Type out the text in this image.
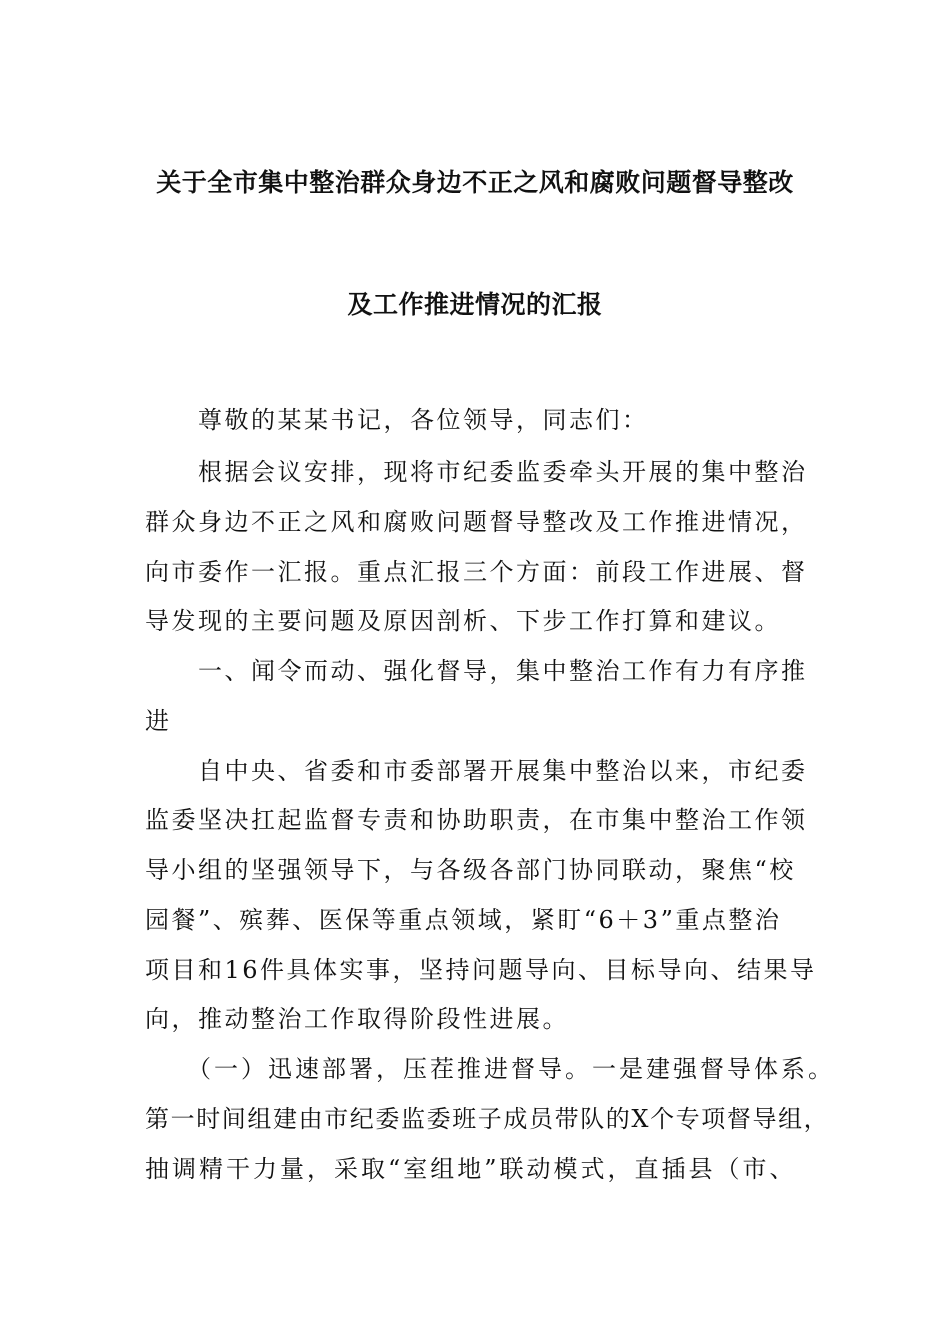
关于全市集中整治群众身边不正之风和腐败问题督导整改
及工作推进情况的汇报
　　尊敬的某某书记，各位领导，同志们：
　　根据会议安排，现将市纪委监委牵头开展的集中整治
群众身边不正之风和腐败问题督导整改及工作推进情况，
向市委作一汇报。重点汇报三个方面：前段工作进展、督
导发现的主要问题及原因剖析、下步工作打算和建议。
　　一、闻令而动、强化督导，集中整治工作有力有序推
进
　　自中央、省委和市委部署开展集中整治以来，市纪委
监委坚决扛起监督专责和协助职责，在市集中整治工作领
导小组的坚强领导下，与各级各部门协同联动，聚焦“校
园餐”、殡葬、医保等重点领域，紧盯“6＋3”重点整治
项目和16件具体实事，坚持问题导向、目标导向、结果导
向，推动整治工作取得阶段性进展。
　　（一）迅速部署，压茬推进督导。一是建强督导体系。
第一时间组建由市纪委监委班子成员带队的X个专项督导组，
抽调精干力量，采取“室组地”联动模式，直插县（市、
